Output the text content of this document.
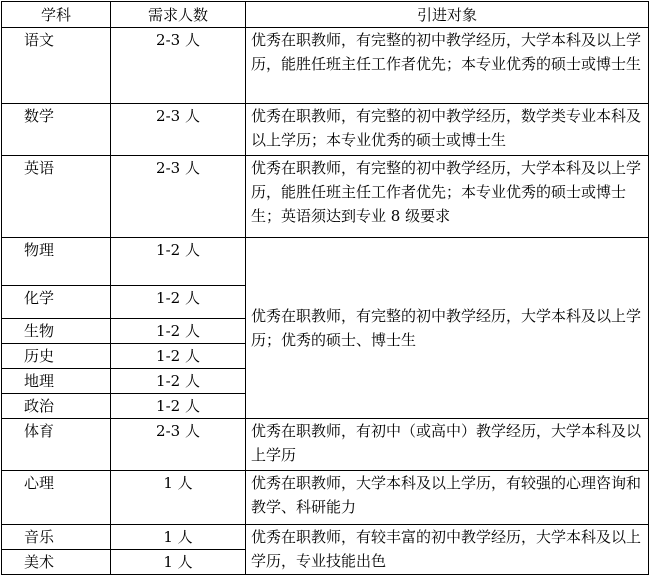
学科	需求人数	引进对象
语文	2-3 人	优秀在职教师，有完整的初中教学经历，大学本科及以上学历，能胜任班主任工作者优先；本专业优秀的硕士或博士生
数学	2-3 人	优秀在职教师，有完整的初中教学经历，数学类专业本科及以上学历；本专业优秀的硕士或博士生
英语	2-3 人	优秀在职教师，有完整的初中教学经历，大学本科及以上学历，能胜任班主任工作者优先；本专业优秀的硕士或博士生；英语须达到专业 8 级要求
物理	1-2 人	优秀在职教师，有完整的初中教学经历，大学本科及以上学历；优秀的硕士、博士生
化学	1-2 人	
生物	1-2 人	
历史	1-2 人	
地理	1-2 人	
政治	1-2 人	
体育	2-3 人	优秀在职教师，有初中（或高中）教学经历，大学本科及以上学历
心理	1 人	优秀在职教师，大学本科及以上学历，有较强的心理咨询和教学、科研能力
音乐	1 人	优秀在职教师，有较丰富的初中教学经历，大学本科及以上学历，专业技能出色
美术	1 人	
